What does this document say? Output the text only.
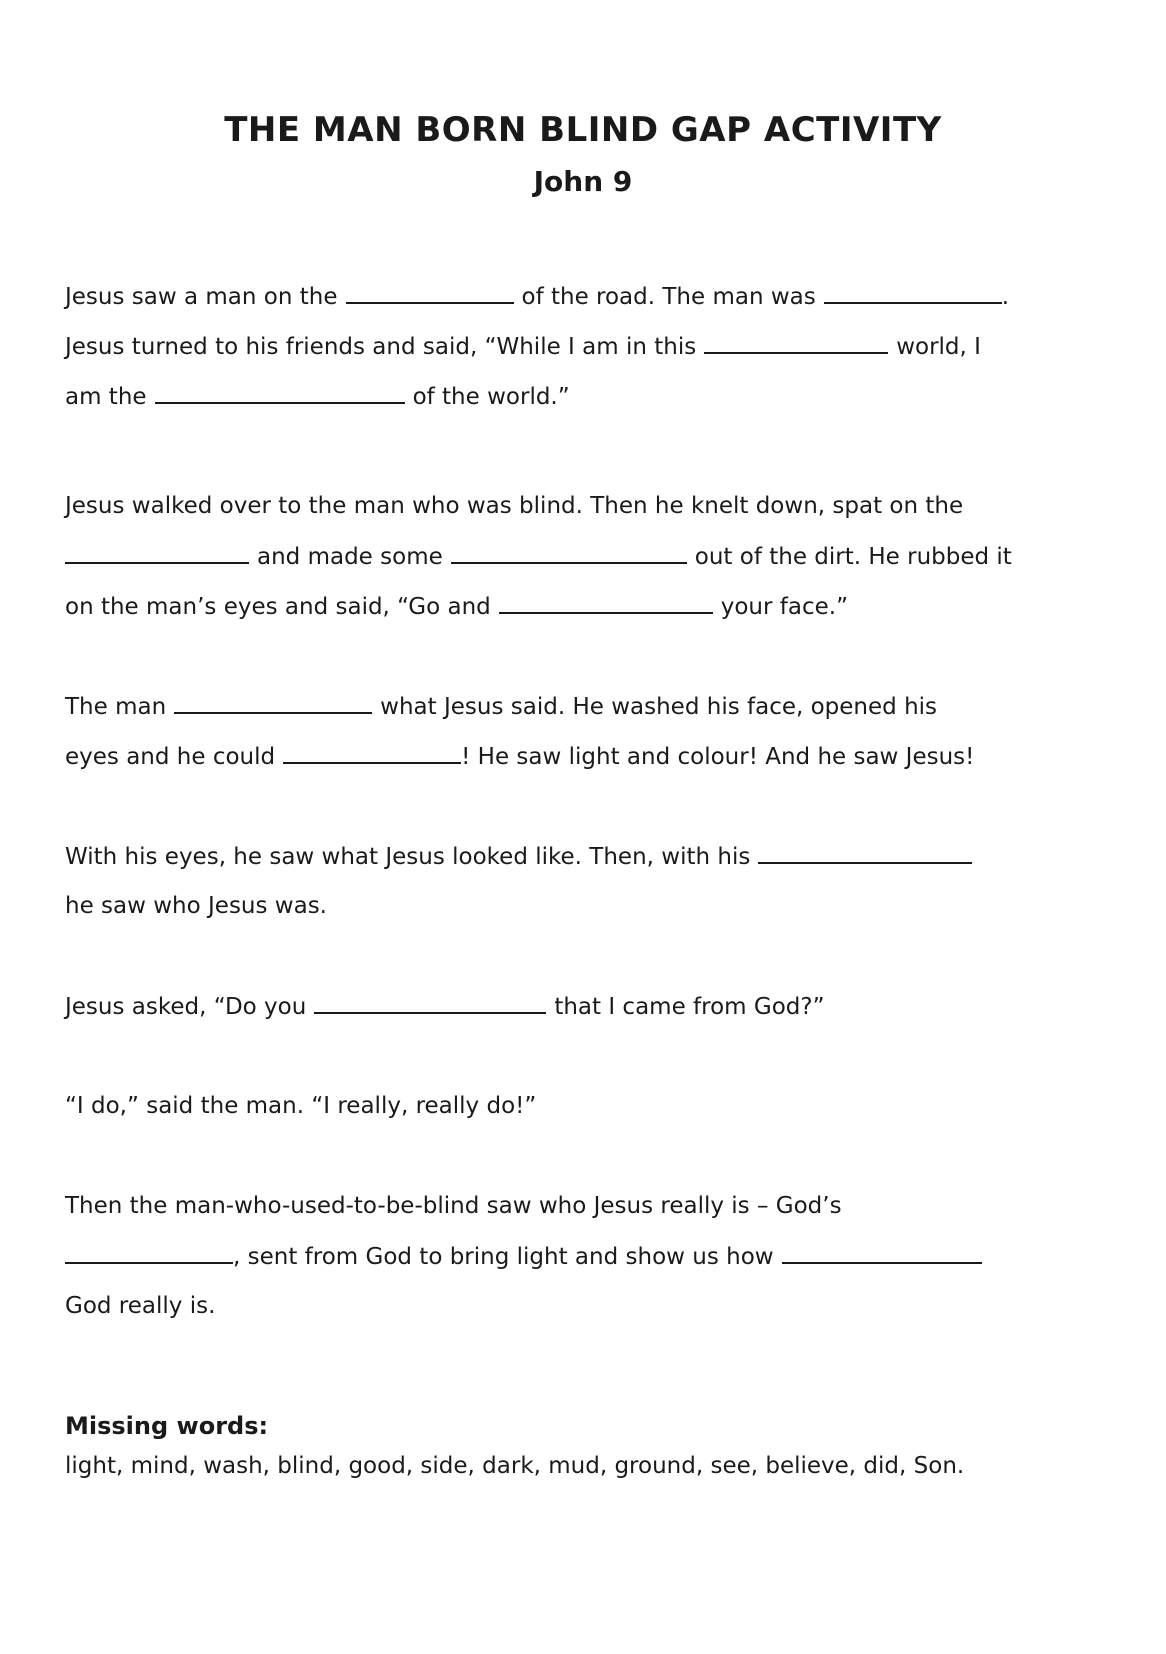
THE MAN BORN BLIND GAP ACTIVITY
John 9
Jesus saw a man on the	of the road. The man was	.
Jesus turned to his friends and said, “While I am in this	world, I
am the	of the world.”
Jesus walked over to the man who was blind. Then he knelt down, spat on the
and made some	out of the dirt. He rubbed it
on the man’s eyes and said, “Go and	your face.”
The man	what Jesus said. He washed his face, opened his
eyes and he could	! He saw light and colour! And he saw Jesus!
With his eyes, he saw what Jesus looked like. Then, with his
he saw who Jesus was.
Jesus asked, “Do you	that I came from God?”
“I do,” said the man. “I really, really do!”
Then the man-who-used-to-be-blind saw who Jesus really is – God’s
, sent from God to bring light and show us how
God really is.
Missing words:
light, mind, wash, blind, good, side, dark, mud, ground, see, believe, did, Son.
